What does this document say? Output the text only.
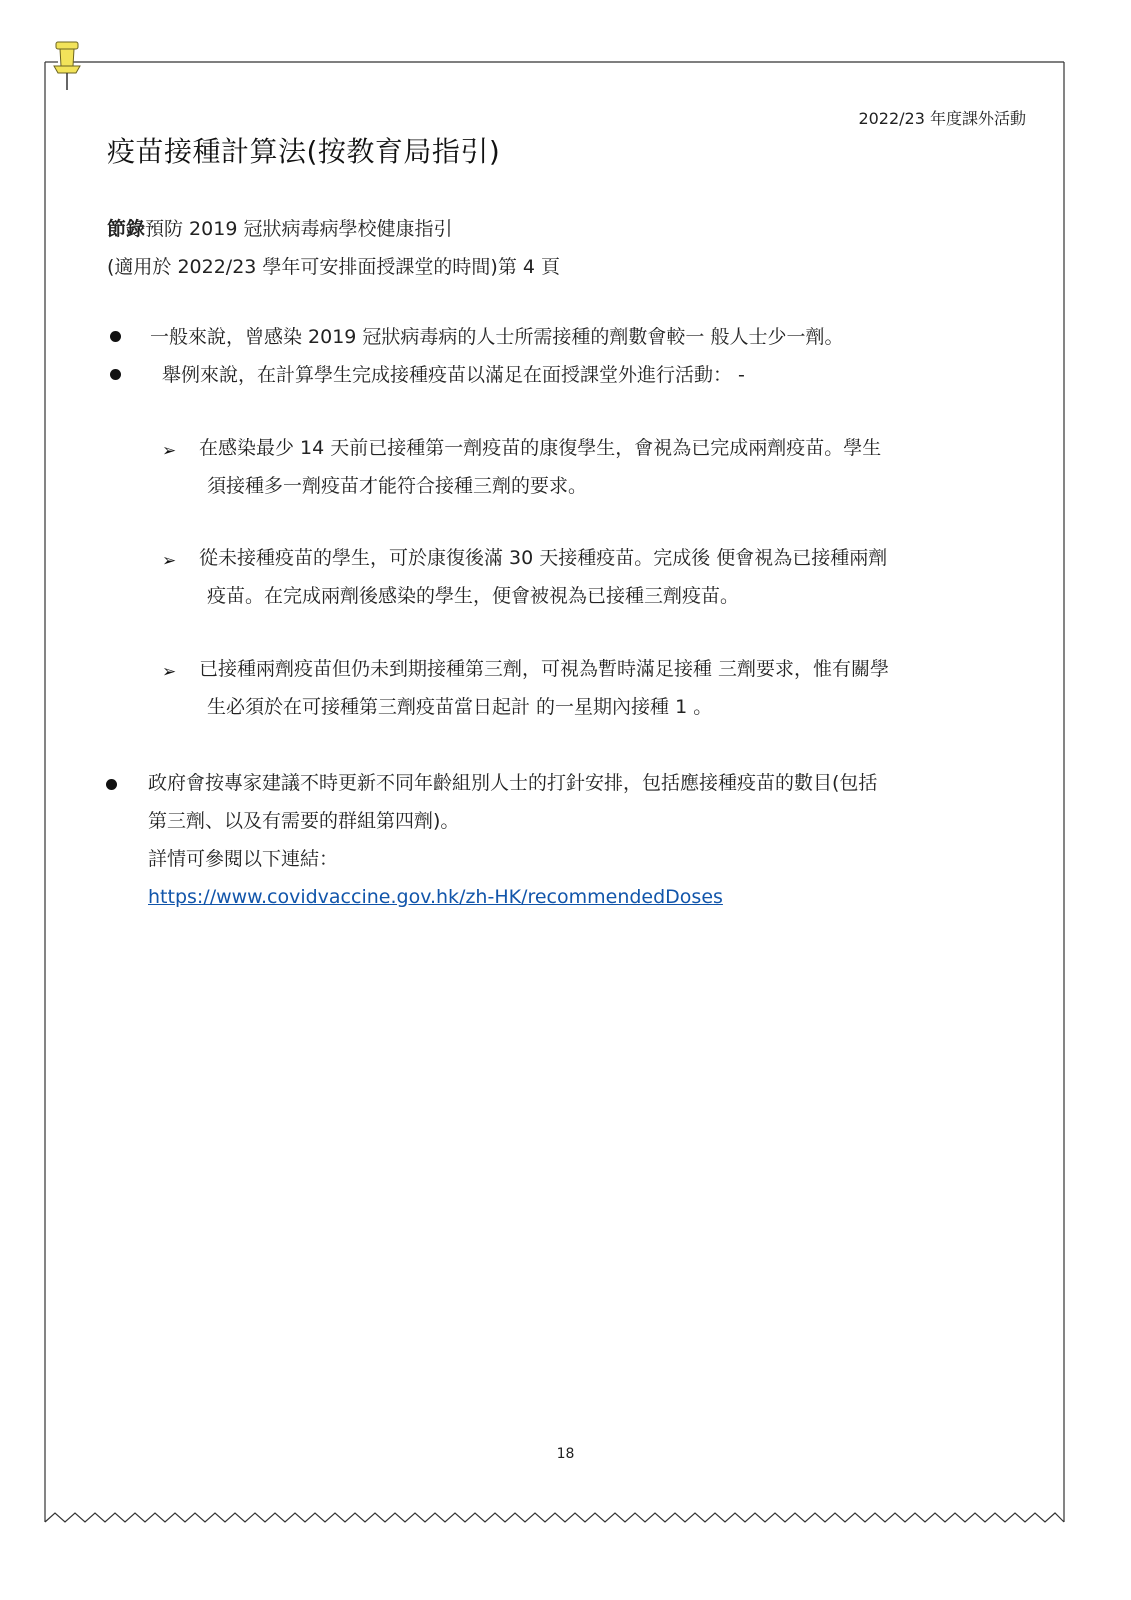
2022/23 年度課外活動
疫苗接種計算法(按教育局指引)
節錄預防 2019 冠狀病毒病學校健康指引
(適用於 2022/23 學年可安排面授課堂的時間)第 4 頁
一般來說，曾感染 2019 冠狀病毒病的人士所需接種的劑數會較一 般人士少一劑。
舉例來說，在計算學生完成接種疫苗以滿足在面授課堂外進行活動： -
➢ 在感染最少 14 天前已接種第一劑疫苗的康復學生，會視為已完成兩劑疫苗。學生
須接種多一劑疫苗才能符合接種三劑的要求。
➢ 從未接種疫苗的學生，可於康復後滿 30 天接種疫苗。完成後 便會視為已接種兩劑
疫苗。在完成兩劑後感染的學生，便會被視為已接種三劑疫苗。
➢ 已接種兩劑疫苗但仍未到期接種第三劑，可視為暫時滿足接種 三劑要求，惟有關學
生必須於在可接種第三劑疫苗當日起計 的一星期內接種 1 。
政府會按專家建議不時更新不同年齡組別人士的打針安排，包括應接種疫苗的數目(包括
第三劑、以及有需要的群組第四劑)。
詳情可參閱以下連結：
https://www.covidvaccine.gov.hk/zh-HK/recommendedDoses
18
